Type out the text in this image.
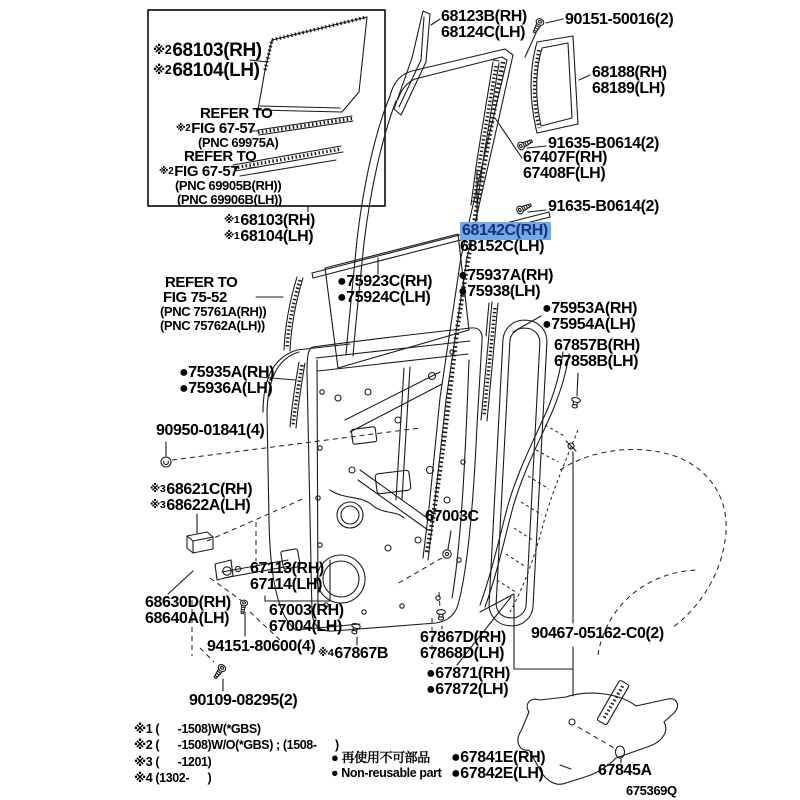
※268103(RH)
※268104(LH)
REFER TO
※2FIG 67-57
(PNC 69975A)
REFER TO
※2FIG 67-57
(PNC 69905B(RH))
(PNC 69906B(LH))
※168103(RH)
※168104(LH)
68123B(RH)
68124C(LH)
90151-50016(2)
68188(RH)
68189(LH)
91635-B0614(2)
67407F(RH)
67408F(LH)
91635-B0614(2)
68142C(RH)
68152C(LH)
●75937A(RH)
●75938(LH)
REFER TO
FIG 75-52
(PNC 75761A(RH))
(PNC 75762A(LH))
●75923C(RH)
●75924C(LH)
●75953A(RH)
●75954A(LH)
67857B(RH)
67858B(LH)
●75935A(RH)
●75936A(LH)
90950-01841(4)
※368621C(RH)
※368622A(LH)
67003C
67113(RH)
67114(LH)
68630D(RH)
68640A(LH) 67003(RH)
67004(LH)
94151-80600(4) ※467867B
67867D(RH)
67868D(LH)
90467-05162-C0(2)
●67871(RH)
●67872(LH)
90109-08295(2)
※1 (      -1508)W(*GBS)
※2 (      -1508)W/O(*GBS) ; (1508-      )
※3 (      -1201)
※4 (1302-      )
● 再使用不可部品
● Non-reusable part
●67841E(RH)
●67842E(LH)	67845A
675369Q
